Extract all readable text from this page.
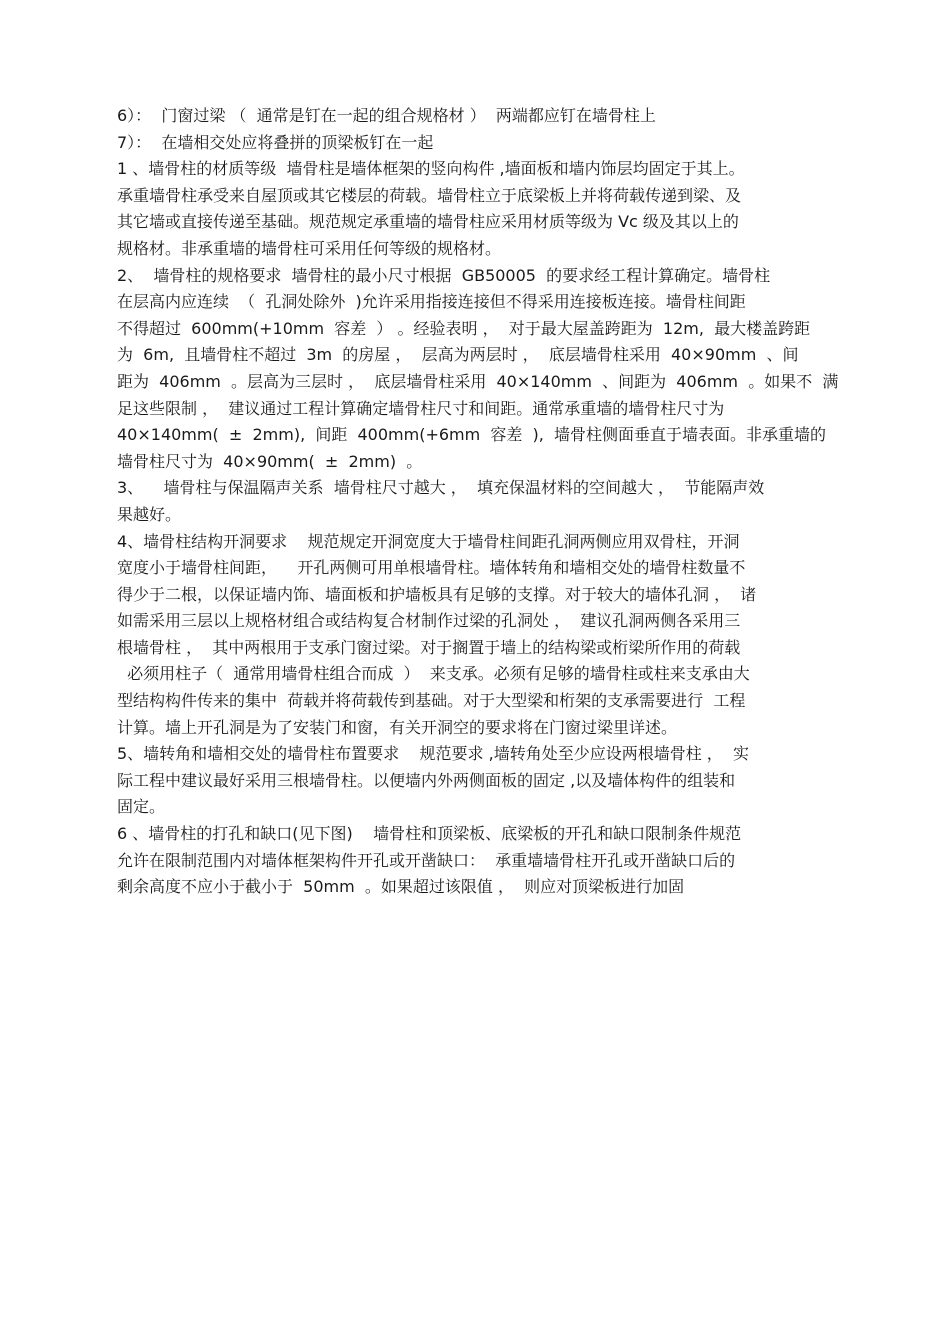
6）：  门窗过梁 （  通常是钉在一起的组合规格材 ）  两端都应钉在墙骨柱上
7）：  在墙相交处应将叠拼的顶梁板钉在一起
1 、墙骨柱的材质等级  墙骨柱是墙体框架的竖向构件 ,墙面板和墙内饰层均固定于其上。
承重墙骨柱承受来自屋顶或其它楼层的荷载。墙骨柱立于底梁板上并将荷载传递到梁、及
其它墙或直接传递至基础。规范规定承重墙的墙骨柱应采用材质等级为 Vc 级及其以上的
规格材。非承重墙的墙骨柱可采用任何等级的规格材。
2、  墙骨柱的规格要求  墙骨柱的最小尺寸根据  GB50005  的要求经工程计算确定。墙骨柱
在层高内应连续  （  孔洞处除外  )允许采用指接连接但不得采用连接板连接。墙骨柱间距
不得超过  600mm(+10mm  容差  ） 。经验表明 ，  对于最大屋盖跨距为  12m,  最大楼盖跨距
为  6m,  且墙骨柱不超过  3m  的房屋 ，  层高为两层时 ，  底层墙骨柱采用  40×90mm  、间
距为  406mm  。层高为三层时 ，  底层墙骨柱采用  40×140mm  、间距为  406mm  。如果不  满
足这些限制 ，  建议通过工程计算确定墙骨柱尺寸和间距。通常承重墙的墙骨柱尺寸为
40×140mm(  ±  2mm),  间距  400mm(+6mm  容差  ),  墙骨柱侧面垂直于墙表面。非承重墙的
墙骨柱尺寸为  40×90mm(  ±  2mm)  。
3、    墙骨柱与保温隔声关系  墙骨柱尺寸越大 ，  填充保温材料的空间越大 ，  节能隔声效
果越好。
4、墙骨柱结构开洞要求    规范规定开洞宽度大于墙骨柱间距孔洞两侧应用双骨柱，开洞
宽度小于墙骨柱间距，    开孔两侧可用单根墙骨柱。墙体转角和墙相交处的墙骨柱数量不
得少于二根，以保证墙内饰、墙面板和护墙板具有足够的支撑。对于较大的墙体孔洞 ，  诸
如需采用三层以上规格材组合或结构复合材制作过梁的孔洞处 ，  建议孔洞两侧各采用三
根墙骨柱 ，  其中两根用于支承门窗过梁。对于搁置于墙上的结构梁或桁梁所作用的荷载
必须用柱子（  通常用墙骨柱组合而成  ）  来支承。必须有足够的墙骨柱或柱来支承由大
型结构构件传来的集中  荷载并将荷载传到基础。对于大型梁和桁架的支承需要进行  工程
计算。墙上开孔洞是为了安装门和窗，有关开洞空的要求将在门窗过梁里详述。
5、墙转角和墙相交处的墙骨柱布置要求    规范要求 ,墙转角处至少应设两根墙骨柱 ，  实
际工程中建议最好采用三根墙骨柱。以便墙内外两侧面板的固定 ,以及墙体构件的组装和
固定。
6 、墙骨柱的打孔和缺口(见下图)    墙骨柱和顶梁板、底梁板的开孔和缺口限制条件规范
允许在限制范围内对墙体框架构件开孔或开凿缺口：  承重墙墙骨柱开孔或开凿缺口后的
剩余高度不应小于截小于  50mm  。如果超过该限值 ，  则应对顶梁板进行加固
